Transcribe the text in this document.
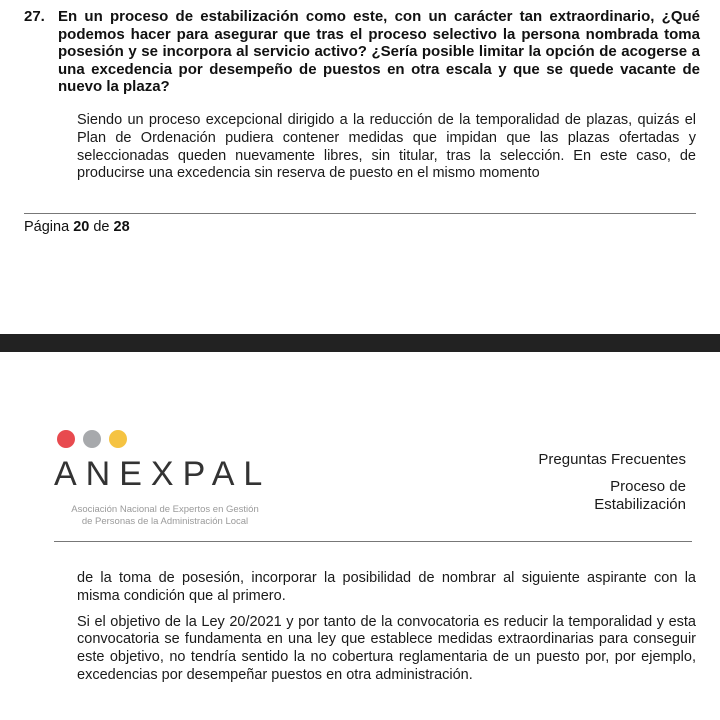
27. En un proceso de estabilización como este, con un carácter tan extraordinario, ¿Qué podemos hacer para asegurar que tras el proceso selectivo la persona nombrada toma posesión y se incorpora al servicio activo? ¿Sería posible limitar la opción de acogerse a una excedencia por desempeño de puestos en otra escala y que se quede vacante de nuevo la plaza?
Siendo un proceso excepcional dirigido a la reducción de la temporalidad de plazas, quizás el Plan de Ordenación pudiera contener medidas que impidan que las plazas ofertadas y seleccionadas queden nuevamente libres, sin titular, tras la selección. En este caso, de producirse una excedencia sin reserva de puesto en el mismo momento
Página 20 de 28
ANEXPAL
Asociación Nacional de Expertos en Gestión
de Personas de la Administración Local
Preguntas Frecuentes
Proceso de
Estabilización

de la toma de posesión, incorporar la posibilidad de nombrar al siguiente aspirante con la misma condición que al primero.

Si el objetivo de la Ley 20/2021 y por tanto de la convocatoria es reducir la temporalidad y esta convocatoria se fundamenta en una ley que establece medidas extraordinarias para conseguir este objetivo, no tendría sentido la no cobertura reglamentaria de un puesto por, por ejemplo, excedencias por desempeñar puestos en otra administración.
